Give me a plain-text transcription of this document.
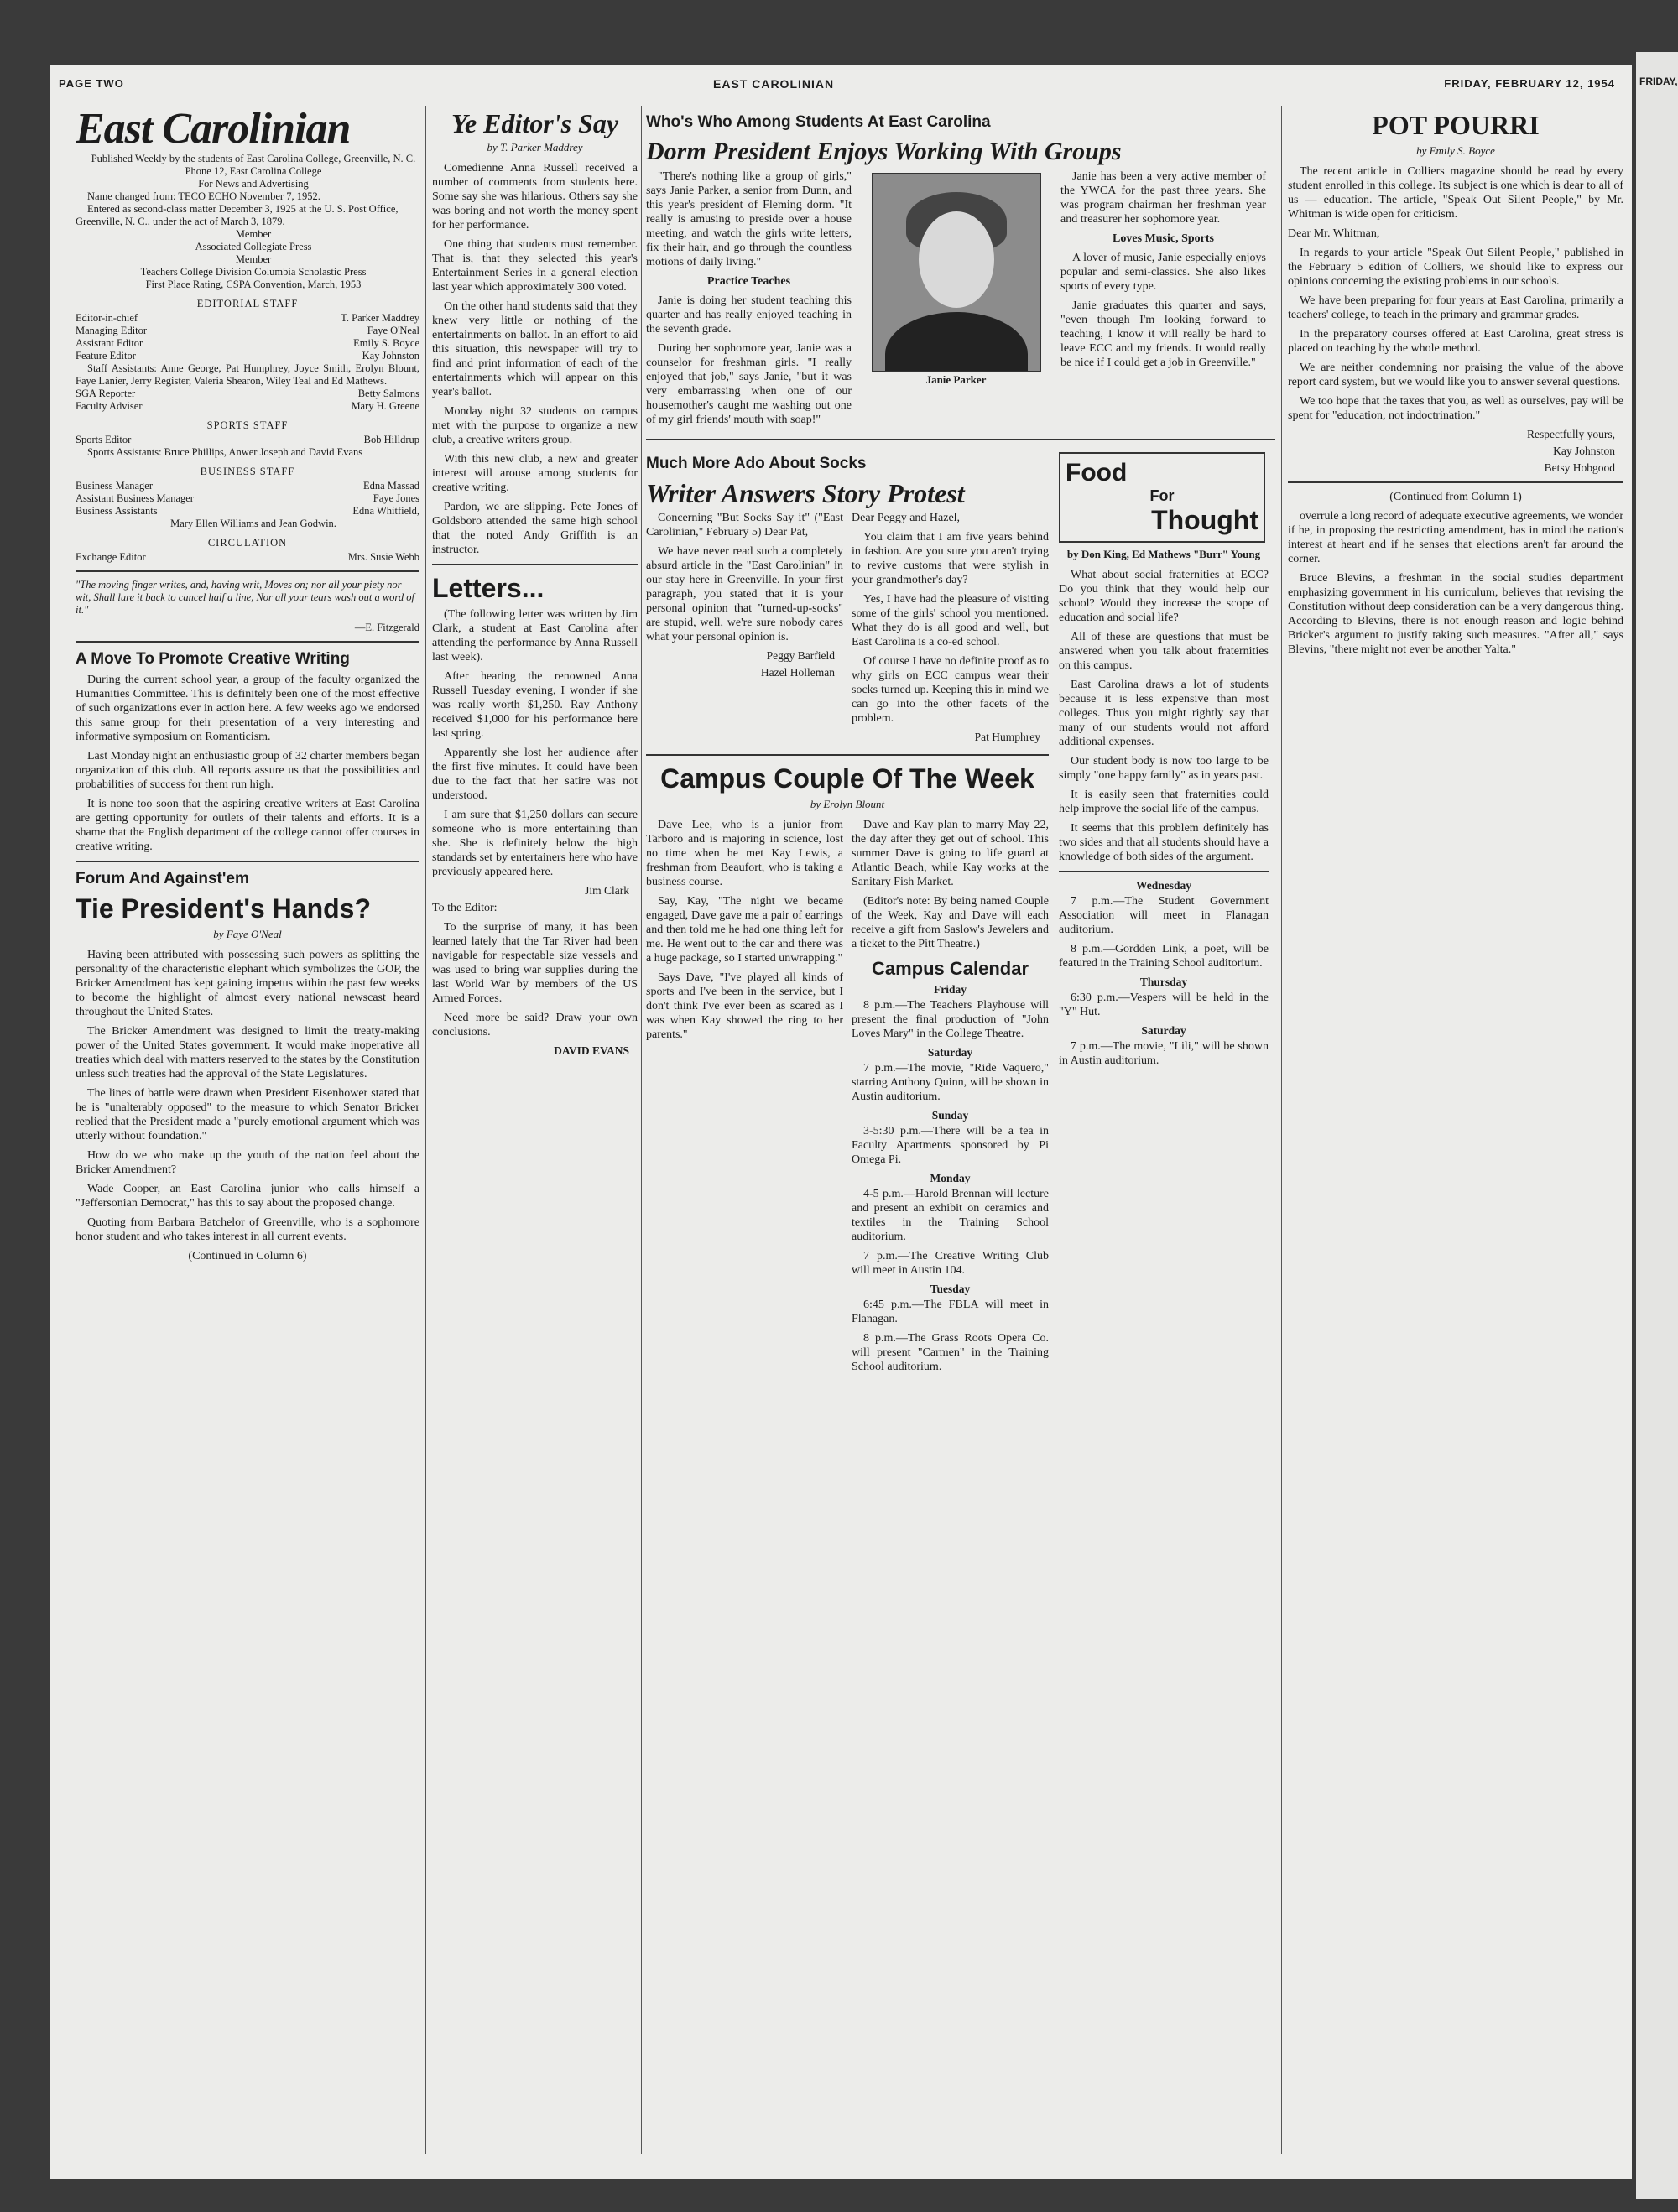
PAGE TWO	EAST CAROLINIAN	FRIDAY, FEBRUARY 12, 1954
East Carolinian

Published Weekly by the students of East Carolina College, Greenville, N. C.

Phone 12, East Carolina College

For News and Advertising

Name changed from: TECO ECHO November 7, 1952.

Entered as second-class matter December 3, 1925 at the U. S. Post Office, Greenville, N. C., under the act of March 3, 1879.

Member

Associated Collegiate Press

Member

Teachers College Division Columbia Scholastic Press

First Place Rating, CSPA Convention, March, 1953

EDITORIAL STAFF
Editor-in-chief	T. Parker Maddrey
Managing Editor	Faye O'Neal
Assistant Editor	Emily S. Boyce
Feature Editor	Kay Johnston

Staff Assistants: Anne George, Pat Humphrey, Joyce Smith, Erolyn Blount, Faye Lanier, Jerry Register, Valeria Shearon, Wiley Teal and Ed Mathews.

SGA Reporter	Betty Salmons
Faculty Adviser	Mary H. Greene
SPORTS STAFF
Sports Editor	Bob Hilldrup

Sports Assistants: Bruce Phillips, Anwer Joseph and David Evans

BUSINESS STAFF
Business Manager	Edna Massad
Assistant Business Manager	Faye Jones
Business Assistants	Edna Whitfield,

Mary Ellen Williams and Jean Godwin.

CIRCULATION
Exchange Editor	Mrs. Susie Webb

"The moving finger writes, and, having writ, Moves on; nor all your piety nor wit, Shall lure it back to cancel half a line, Nor all your tears wash out a word of it."

—E. Fitzgerald

A Move To Promote Creative Writing

During the current school year, a group of the faculty organized the Humanities Committee. This is definitely been one of the most effective of such organizations ever in action here. A few weeks ago we endorsed this same group for their presentation of a very interesting and informative symposium on Romanticism.

Last Monday night an enthusiastic group of 32 charter members began organization of this club. All reports assure us that the possibilities and probabilities of success for them run high.

It is none too soon that the aspiring creative writers at East Carolina are getting opportunity for outlets of their talents and efforts. It is a shame that the English department of the college cannot offer courses in creative writing.

Forum And Against'em
Tie President's Hands?
by Faye O'Neal

Having been attributed with possessing such powers as splitting the personality of the characteristic elephant which symbolizes the GOP, the Bricker Amendment has kept gaining impetus within the past few weeks to become the highlight of almost every national newscast heard throughout the United States.

The Bricker Amendment was designed to limit the treaty-making power of the United States government. It would make inoperative all treaties which deal with matters reserved to the states by the Constitution unless such treaties had the approval of the State Legislatures.

The lines of battle were drawn when President Eisenhower stated that he is "unalterably opposed" to the measure to which Senator Bricker replied that the President made a "purely emotional argument which was utterly without foundation."

How do we who make up the youth of the nation feel about the Bricker Amendment?

Wade Cooper, an East Carolina junior who calls himself a "Jeffersonian Democrat," has this to say about the proposed change.

Quoting from Barbara Batchelor of Greenville, who is a sophomore honor student and who takes interest in all current events.

(Continued in Column 6)

Ye Editor's Say
by T. Parker Maddrey

Comedienne Anna Russell received a number of comments from students here. Some say she was hilarious. Others say she was boring and not worth the money spent for her performance.

One thing that students must remember. That is, that they selected this year's Entertainment Series in a general election last year which approximately 300 voted.

On the other hand students said that they knew very little or nothing of the entertainments on ballot. In an effort to aid this situation, this newspaper will try to find and print information of each of the entertainments which will appear on this year's ballot.

Monday night 32 students on campus met with the purpose to organize a new club, a creative writers group.

With this new club, a new and greater interest will arouse among students for creative writing.

Pardon, we are slipping. Pete Jones of Goldsboro attended the same high school that the noted Andy Griffith is an instructor.

Letters...

(The following letter was written by Jim Clark, a student at East Carolina after attending the performance by Anna Russell last week).

After hearing the renowned Anna Russell Tuesday evening, I wonder if she was really worth $1,250. Ray Anthony received $1,000 for his performance here last spring.

Apparently she lost her audience after the first five minutes. It could have been due to the fact that her satire was not understood.

I am sure that $1,250 dollars can secure someone who is more entertaining than she. She is definitely below the high standards set by entertainers here who have previously appeared here.

Jim Clark

To the Editor:

To the surprise of many, it has been learned lately that the Tar River had been navigable for respectable size vessels and was used to bring war supplies during the last World War by members of the US Armed Forces.

Need more be said? Draw your own conclusions.

DAVID EVANS
Who's Who Among Students At East Carolina
Dorm President Enjoys Working With Groups

"There's nothing like a group of girls," says Janie Parker, a senior from Dunn, and this year's president of Fleming dorm. "It really is amusing to preside over a house meeting, and watch the girls write letters, fix their hair, and go through the countless motions of daily living."

Practice Teaches

Janie is doing her student teaching this quarter and has really enjoyed teaching in the seventh grade.

During her sophomore year, Janie was a counselor for freshman girls. "I really enjoyed that job," says Janie, "but it was very embarrassing when one of our housemother's caught me washing out one of my girl friends' mouth with soap!"

Janie Parker

Janie has been a very active member of the YWCA for the past three years. She was program chairman her freshman year and treasurer her sophomore year.

Loves Music, Sports

A lover of music, Janie especially enjoys popular and semi-classics. She also likes sports of every type.

Janie graduates this quarter and says, "even though I'm looking forward to teaching, I know it will really be hard to leave ECC and my friends. It would really be nice if I could get a job in Greenville."

Much More Ado About Socks
Writer Answers Story Protest

Concerning "But Socks Say it" ("East Carolinian," February 5) Dear Pat,

We have never read such a completely absurd article in the "East Carolinian" in our stay here in Greenville. In your first paragraph, you stated that it is your personal opinion that "turned-up-socks" are stupid, well, we're sure nobody cares what your personal opinion is.

Peggy Barfield
Hazel Holleman

Dear Peggy and Hazel,

You claim that I am five years behind in fashion. Are you sure you aren't trying to revive customs that were stylish in your grandmother's day?

Yes, I have had the pleasure of visiting some of the girls' school you mentioned. What they do is all good and well, but East Carolina is a co-ed school.

Of course I have no definite proof as to why girls on ECC campus wear their socks turned up. Keeping this in mind we can go into the other facets of the problem.

Pat Humphrey
Campus Couple Of The Week
by Erolyn Blount

Dave Lee, who is a junior from Tarboro and is majoring in science, lost no time when he met Kay Lewis, a freshman from Beaufort, who is taking a business course.

Say, Kay, "The night we became engaged, Dave gave me a pair of earrings and then told me he had one thing left for me. He went out to the car and there was a huge package, so I started unwrapping."

Says Dave, "I've played all kinds of sports and I've been in the service, but I don't think I've ever been as scared as I was when Kay showed the ring to her parents."

Dave and Kay plan to marry May 22, the day after they get out of school. This summer Dave is going to life guard at Atlantic Beach, while Kay works at the Sanitary Fish Market.

(Editor's note: By being named Couple of the Week, Kay and Dave will each receive a gift from Saslow's Jewelers and a ticket to the Pitt Theatre.)

Campus Calendar
Friday

8 p.m.—The Teachers Playhouse will present the final production of "John Loves Mary" in the College Theatre.

Saturday

7 p.m.—The movie, "Ride Vaquero," starring Anthony Quinn, will be shown in Austin auditorium.

Sunday

3-5:30 p.m.—There will be a tea in Faculty Apartments sponsored by Pi Omega Pi.

Monday

4-5 p.m.—Harold Brennan will lecture and present an exhibit on ceramics and textiles in the Training School auditorium.

7 p.m.—The Creative Writing Club will meet in Austin 104.

Tuesday

6:45 p.m.—The FBLA will meet in Flanagan.

8 p.m.—The Grass Roots Opera Co. will present "Carmen" in the Training School auditorium.

Food
For
Thought
by Don King, Ed Mathews "Burr" Young

What about social fraternities at ECC? Do you think that they would help our school? Would they increase the scope of education and social life?

All of these are questions that must be answered when you talk about fraternities on this campus.

East Carolina draws a lot of students because it is less expensive than most colleges. Thus you might rightly say that many of our students would not afford additional expenses.

Our student body is now too large to be simply "one happy family" as in years past.

It is easily seen that fraternities could help improve the social life of the campus.

It seems that this problem definitely has two sides and that all students should have a knowledge of both sides of the argument.

Wednesday

7 p.m.—The Student Government Association will meet in Flanagan auditorium.

8 p.m.—Gordden Link, a poet, will be featured in the Training School auditorium.

Thursday

6:30 p.m.—Vespers will be held in the "Y" Hut.

Saturday

7 p.m.—The movie, "Lili," will be shown in Austin auditorium.

POT POURRI
by Emily S. Boyce

The recent article in Colliers magazine should be read by every student enrolled in this college. Its subject is one which is dear to all of us — education. The article, "Speak Out Silent People," by Mr. Whitman is wide open for criticism.

Dear Mr. Whitman,

In regards to your article "Speak Out Silent People," published in the February 5 edition of Colliers, we should like to express our opinions concerning the existing problems in our schools.

We have been preparing for four years at East Carolina, primarily a teachers' college, to teach in the primary and grammar grades.

In the preparatory courses offered at East Carolina, great stress is placed on teaching by the whole method.

We are neither condemning nor praising the value of the above report card system, but we would like you to answer several questions.

We too hope that the taxes that you, as well as ourselves, pay will be spent for "education, not indoctrination."

Respectfully yours,
Kay Johnston
Betsy Hobgood

(Continued from Column 1)

overrule a long record of adequate executive agreements, we wonder if he, in proposing the restricting amendment, has in mind the nation's interest at heart and if he senses that elections aren't far around the corner.

Bruce Blevins, a freshman in the social studies department emphasizing government in his curriculum, believes that revising the Constitution without deep consideration can be a very dangerous thing. According to Blevins, there is not enough reason and logic behind Bricker's argument to justify taking such measures. "After all," says Blevins, "there might not ever be another Yalta."

FRIDAY,
